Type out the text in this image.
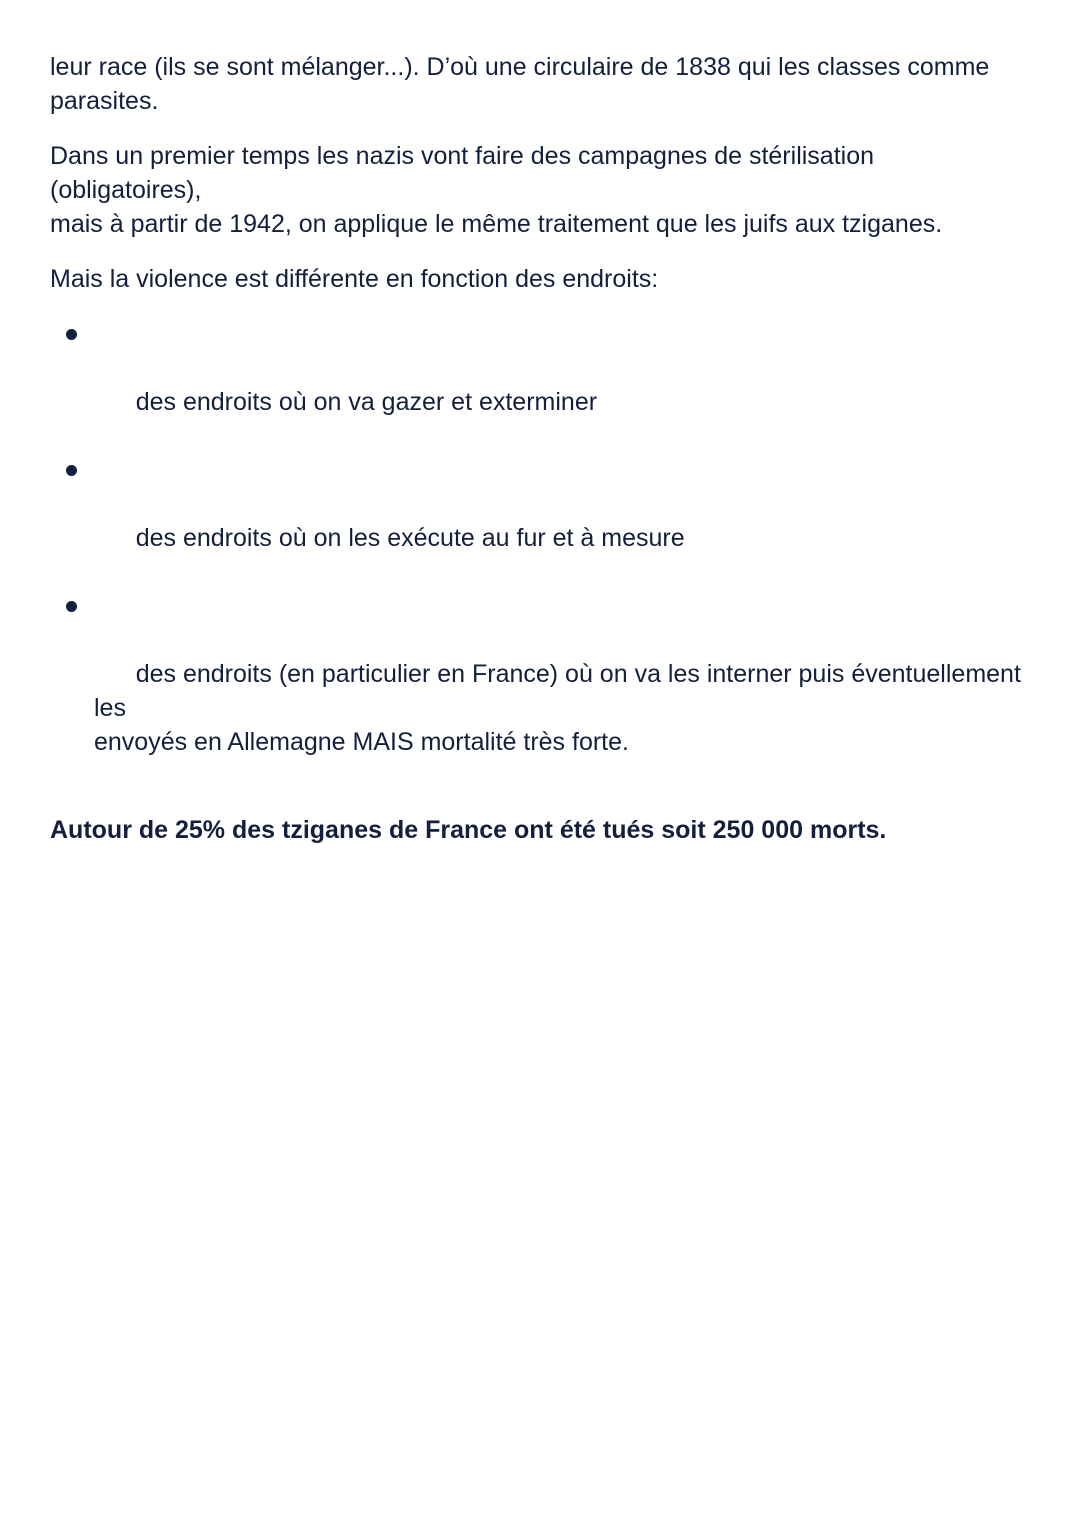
leur race (ils se sont mélanger...). D’où une circulaire de 1838 qui les classes comme
parasites.

Dans un premier temps les nazis vont faire des campagnes de stérilisation (obligatoires),
mais à partir de 1942, on applique le même traitement que les juifs aux tziganes.

Mais la violence est différente en fonction des endroits:

des endroits où on va gazer et exterminer

des endroits où on les exécute au fur et à mesure

des endroits (en particulier en France) où on va les interner puis éventuellement les
envoyés en Allemagne MAIS mortalité très forte.

Autour de 25% des tziganes de France ont été tués soit 250 000 morts.
